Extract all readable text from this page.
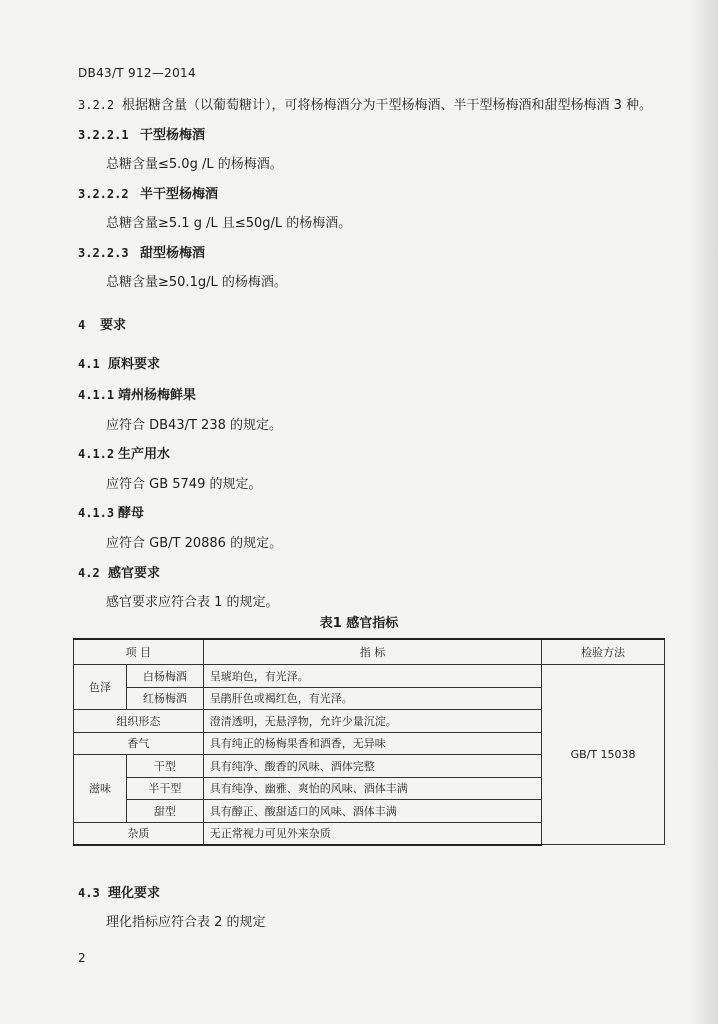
DB43/T 912—2014
3.2.2 根据糖含量（以葡萄糖计），可将杨梅酒分为干型杨梅酒、半干型杨梅酒和甜型杨梅酒 3 种。
3.2.2.1 干型杨梅酒
总糖含量≤5.0g /L 的杨梅酒。
3.2.2.2 半干型杨梅酒
总糖含量≥5.1 g /L 且≤50g/L 的杨梅酒。
3.2.2.3 甜型杨梅酒
总糖含量≥50.1g/L 的杨梅酒。
4 要求
4.1 原料要求
4.1.1 靖州杨梅鲜果
应符合 DB43/T 238 的规定。
4.1.2 生产用水
应符合 GB 5749 的规定。
4.1.3 酵母
应符合 GB/T 20886 的规定。
4.2 感官要求
感官要求应符合表 1 的规定。
表1 感官指标
项 目		指 标	检验方法
色泽	白杨梅酒	呈琥珀色，有光泽。	GB/T 15038
	红杨梅酒	呈鹃肝色或褐红色，有光泽。	
组织形态		澄清透明，无悬浮物，允许少量沉淀。	
香气		具有纯正的杨梅果香和酒香，无异味	
滋味	干型	具有纯净、酸香的风味、酒体完整	
	半干型	具有纯净、幽雅、爽怡的风味、酒体丰满	
	甜型	具有醇正、酸甜适口的风味、酒体丰满	
杂质		无正常视力可见外来杂质	
4.3 理化要求
理化指标应符合表 2 的规定
2
